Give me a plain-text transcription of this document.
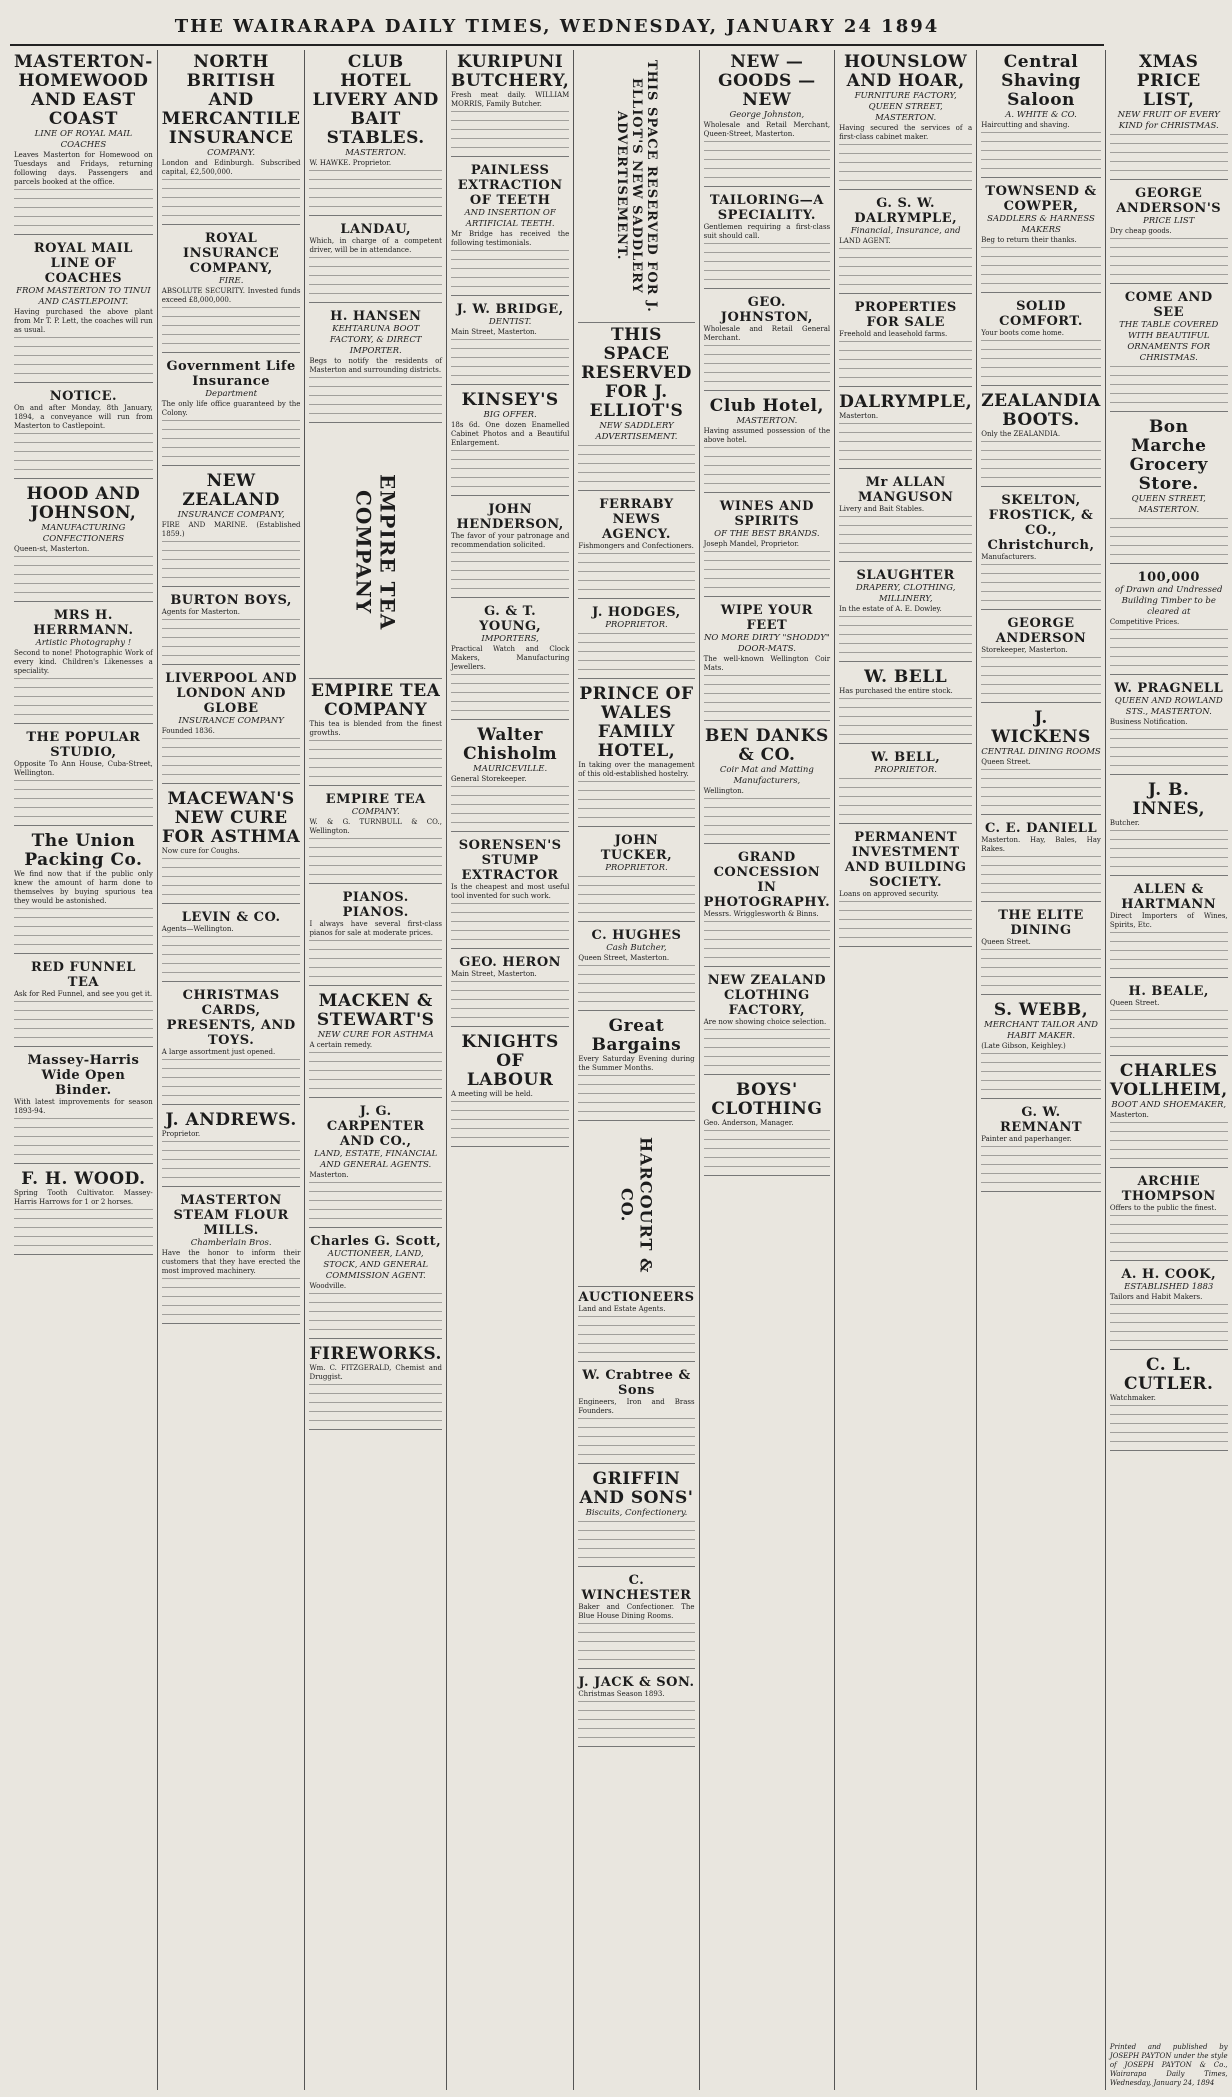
THE WAIRARAPA DAILY TIMES, WEDNESDAY, JANUARY 24 1894
MASTERTON-HOMEWOOD AND EAST COAST
LINE OF ROYAL MAIL COACHES
Leaves Masterton for Homewood on Tuesdays and Fridays, returning following days. Passengers and parcels booked at the office.
ROYAL MAIL LINE OF COACHES
FROM MASTERTON TO TINUI AND CASTLEPOINT.
Having purchased the above plant from Mr T. P. Lett, the coaches will run as usual.
NOTICE.
On and after Monday, 8th January, 1894, a conveyance will run from Masterton to Castlepoint.
HOOD AND JOHNSON,
MANUFACTURING CONFECTIONERS
Queen-st, Masterton.
MRS H. HERRMANN.
Artistic Photography !
Second to none! Photographic Work of every kind. Children's Likenesses a speciality.
THE POPULAR STUDIO,
Opposite To Ann House, Cuba-Street, Wellington.
The Union Packing Co.
We find now that if the public only knew the amount of harm done to themselves by buying spurious tea they would be astonished.
RED FUNNEL TEA
Ask for Red Funnel, and see you get it.
Massey-Harris Wide Open Binder.
With latest improvements for season 1893-94.
F. H. WOOD.
Spring Tooth Cultivator. Massey-Harris Harrows for 1 or 2 horses.
NORTH BRITISH AND MERCANTILE INSURANCE
COMPANY.
London and Edinburgh. Subscribed capital, £2,500,000.
ROYAL INSURANCE COMPANY,
FIRE.
ABSOLUTE SECURITY. Invested funds exceed £8,000,000.
Government Life Insurance
Department
The only life office guaranteed by the Colony.
NEW ZEALAND
INSURANCE COMPANY,
FIRE AND MARINE. (Established 1859.)
BURTON BOYS,
Agents for Masterton.
LIVERPOOL AND LONDON AND GLOBE
INSURANCE COMPANY
Founded 1836.
MACEWAN'S NEW CURE FOR ASTHMA
Now cure for Coughs.
LEVIN & CO.
Agents—Wellington.
CHRISTMAS CARDS, PRESENTS, AND TOYS.
A large assortment just opened.
J. ANDREWS.
Proprietor.
MASTERTON STEAM FLOUR MILLS.
Chamberlain Bros.
Have the honor to inform their customers that they have erected the most improved machinery.
CLUB HOTEL LIVERY AND BAIT STABLES.
MASTERTON.
W. HAWKE. Proprietor.
LANDAU,
Which, in charge of a competent driver, will be in attendance.
H. HANSEN
KEHTARUNA BOOT FACTORY, & DIRECT IMPORTER.
Begs to notify the residents of Masterton and surrounding districts.
EMPIRE TEA COMPANY
EMPIRE TEA COMPANY
This tea is blended from the finest growths.
EMPIRE TEA
COMPANY.
W. & G. TURNBULL & CO., Wellington.
PIANOS. PIANOS.
I always have several first-class pianos for sale at moderate prices.
MACKEN & STEWART'S
NEW CURE FOR ASTHMA
A certain remedy.
J. G. CARPENTER AND CO.,
LAND, ESTATE, FINANCIAL AND GENERAL AGENTS.
Masterton.
Charles G. Scott,
AUCTIONEER, LAND, STOCK, AND GENERAL COMMISSION AGENT.
Woodville.
FIREWORKS.
Wm. C. FITZGERALD, Chemist and Druggist.
KURIPUNI BUTCHERY,
Fresh meat daily. WILLIAM MORRIS, Family Butcher.
PAINLESS EXTRACTION OF TEETH
AND INSERTION OF ARTIFICIAL TEETH.
Mr Bridge has received the following testimonials.
J. W. BRIDGE,
DENTIST.
Main Street, Masterton.
KINSEY'S
BIG OFFER.
18s 6d. One dozen Enamelled Cabinet Photos and a Beautiful Enlargement.
JOHN HENDERSON,
The favor of your patronage and recommendation solicited.
G. & T. YOUNG,
IMPORTERS,
Practical Watch and Clock Makers, Manufacturing Jewellers.
Walter Chisholm
MAURICEVILLE.
General Storekeeper.
SORENSEN'S STUMP EXTRACTOR
Is the cheapest and most useful tool invented for such work.
GEO. HERON
Main Street, Masterton.
KNIGHTS OF LABOUR
A meeting will be held.
THIS SPACE RESERVED FOR J. ELLIOT'S NEW SADDLERY ADVERTISEMENT.
THIS SPACE RESERVED FOR J. ELLIOT'S
NEW SADDLERY ADVERTISEMENT.
FERRABY NEWS AGENCY.
Fishmongers and Confectioners.
J. HODGES,
PROPRIETOR.
PRINCE OF WALES FAMILY HOTEL,
In taking over the management of this old-established hostelry.
JOHN TUCKER,
PROPRIETOR.
C. HUGHES
Cash Butcher,
Queen Street, Masterton.
Great Bargains
Every Saturday Evening during the Summer Months.
HARCOURT & CO.
AUCTIONEERS
Land and Estate Agents.
W. Crabtree & Sons
Engineers, Iron and Brass Founders.
GRIFFIN AND SONS'
Biscuits, Confectionery.
C. WINCHESTER
Baker and Confectioner. The Blue House Dining Rooms.
J. JACK & SON.
Christmas Season 1893.
NEW — GOODS — NEW
George Johnston,
Wholesale and Retail Merchant, Queen-Street, Masterton.
TAILORING—A SPECIALITY.
Gentlemen requiring a first-class suit should call.
GEO. JOHNSTON,
Wholesale and Retail General Merchant.
Club Hotel,
MASTERTON.
Having assumed possession of the above hotel.
WINES AND SPIRITS
OF THE BEST BRANDS.
Joseph Mandel, Proprietor.
WIPE YOUR FEET
NO MORE DIRTY "SHODDY" DOOR-MATS.
The well-known Wellington Coir Mats.
BEN DANKS & CO.
Coir Mat and Matting Manufacturers,
Wellington.
GRAND CONCESSION IN PHOTOGRAPHY.
Messrs. Wrigglesworth & Binns.
NEW ZEALAND CLOTHING FACTORY,
Are now showing choice selection.
BOYS' CLOTHING
Geo. Anderson, Manager.
HOUNSLOW AND HOAR,
FURNITURE FACTORY, QUEEN STREET, MASTERTON.
Having secured the services of a first-class cabinet maker.
G. S. W. DALRYMPLE,
Financial, Insurance, and
LAND AGENT.
PROPERTIES FOR SALE
Freehold and leasehold farms.
DALRYMPLE,
Masterton.
Mr ALLAN MANGUSON
Livery and Bait Stables.
SLAUGHTER
DRAPERY, CLOTHING, MILLINERY,
In the estate of A. E. Dowley.
W. BELL
Has purchased the entire stock.
W. BELL,
PROPRIETOR.
PERMANENT INVESTMENT AND BUILDING SOCIETY.
Loans on approved security.
Central Shaving Saloon
A. WHITE & CO.
Haircutting and shaving.
TOWNSEND & COWPER,
SADDLERS & HARNESS MAKERS
Beg to return their thanks.
SOLID COMFORT.
Your boots come home.
ZEALANDIA BOOTS.
Only the ZEALANDIA.
SKELTON, FROSTICK, & CO., Christchurch,
Manufacturers.
GEORGE ANDERSON
Storekeeper, Masterton.
J. WICKENS
CENTRAL DINING ROOMS
Queen Street.
C. E. DANIELL
Masterton. Hay, Bales, Hay Rakes.
THE ELITE DINING
Queen Street.
S. WEBB,
MERCHANT TAILOR AND HABIT MAKER.
(Late Gibson, Keighley.)
G. W. REMNANT
Painter and paperhanger.
XMAS PRICE LIST,
NEW FRUIT OF EVERY KIND for CHRISTMAS.
GEORGE ANDERSON'S
PRICE LIST
Dry cheap goods.
COME AND SEE
THE TABLE COVERED WITH BEAUTIFUL ORNAMENTS FOR CHRISTMAS.
Bon Marche Grocery Store.
QUEEN STREET, MASTERTON.
100,000
of Drawn and Undressed Building Timber to be cleared at
Competitive Prices.
W. PRAGNELL
QUEEN AND ROWLAND STS., MASTERTON.
Business Notification.
J. B. INNES,
Butcher.
ALLEN & HARTMANN
Direct Importers of Wines, Spirits, Etc.
H. BEALE,
Queen Street.
CHARLES VOLLHEIM,
BOOT AND SHOEMAKER,
Masterton.
ARCHIE THOMPSON
Offers to the public the finest.
A. H. COOK,
ESTABLISHED 1883
Tailors and Habit Makers.
C. L. CUTLER.
Watchmaker.
Printed and published by JOSEPH PAYTON under the style of JOSEPH PAYTON & Co., Wairarapa Daily Times, Wednesday, January 24, 1894
